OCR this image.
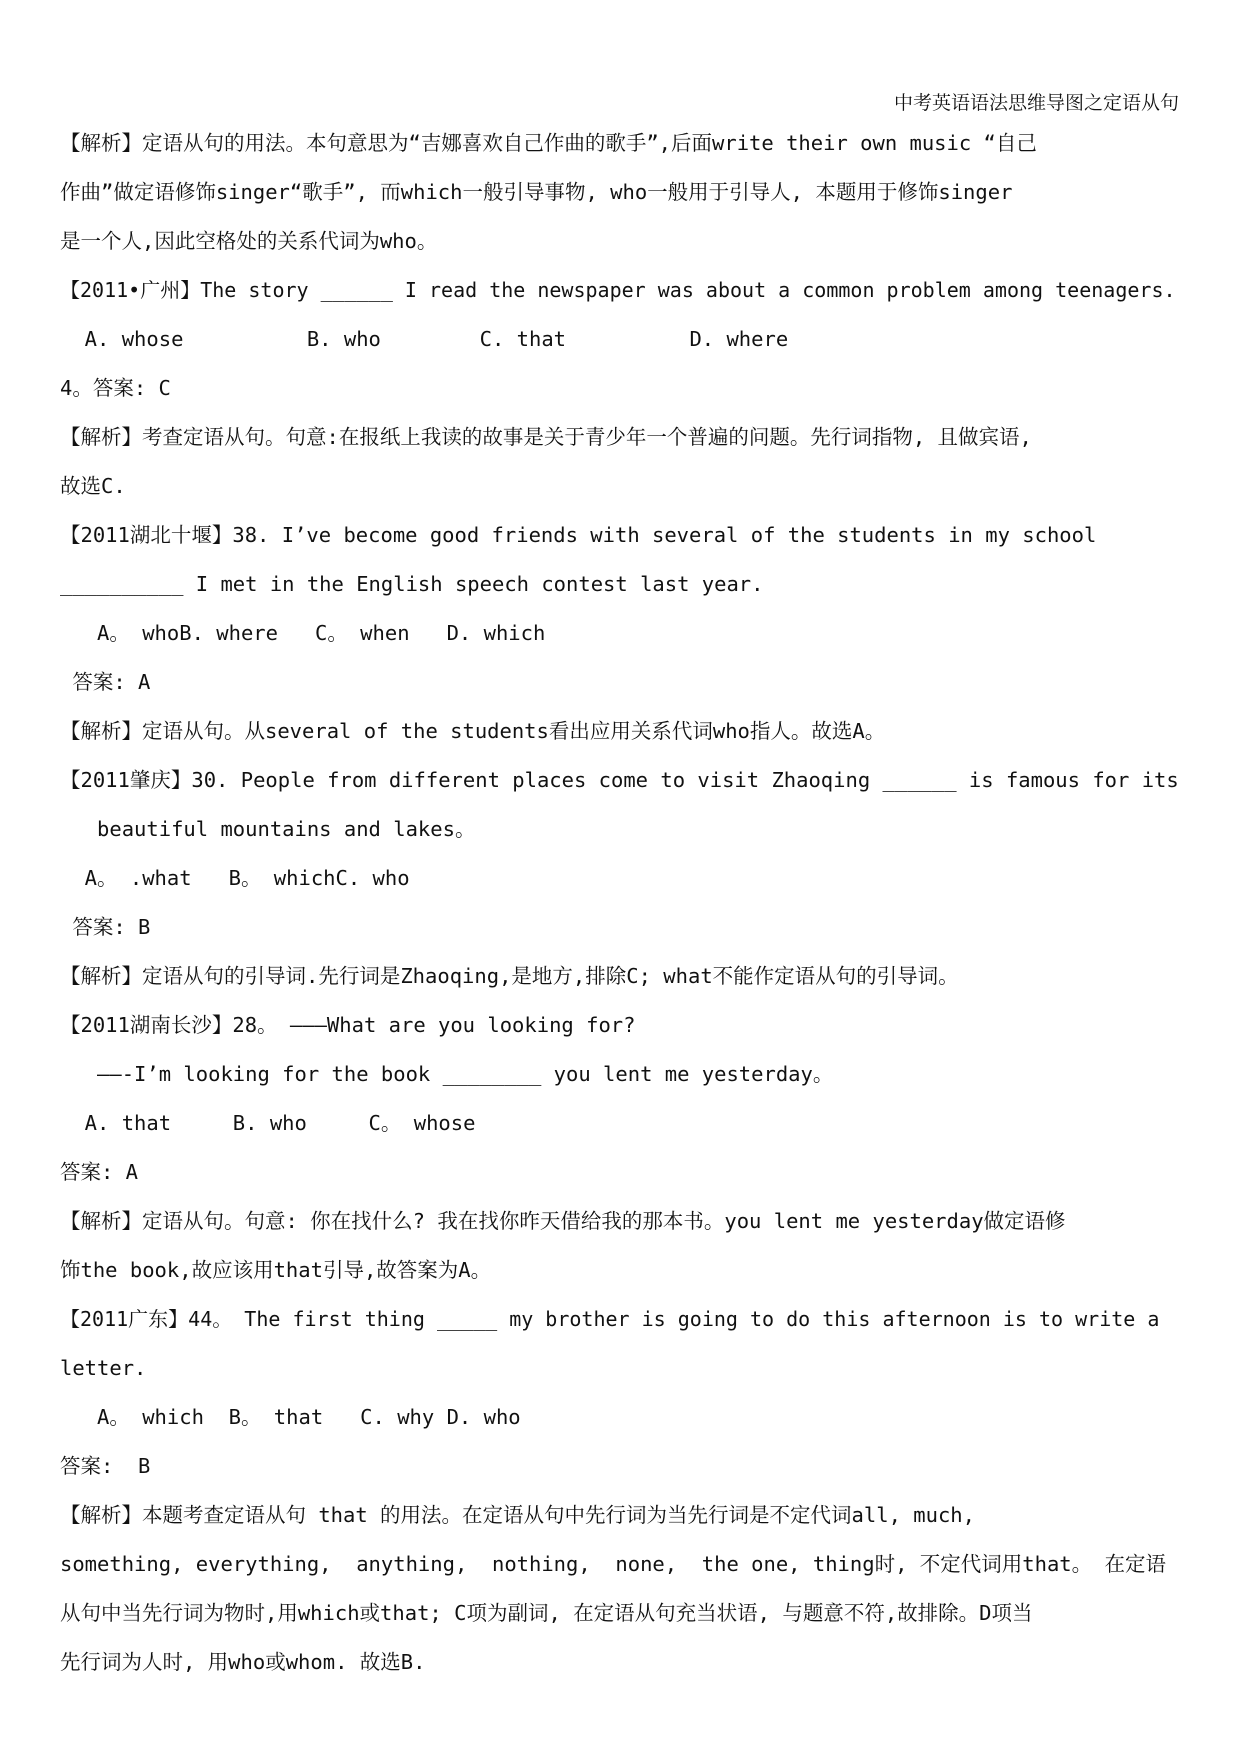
中考英语语法思维导图之定语从句
【解析】定语从句的用法。本句意思为“吉娜喜欢自己作曲的歌手”,后面write their own music “自己
作曲”做定语修饰singer“歌手”, 而which一般引导事物, who一般用于引导人, 本题用于修饰singer
是一个人,因此空格处的关系代词为who。
【2011•广州】The story ______ I read the newspaper was about a common problem among teenagers.
A. whose          B. who        C. that          D. where
4。答案: C
【解析】考查定语从句。句意:在报纸上我读的故事是关于青少年一个普遍的问题。先行词指物, 且做宾语,
故选C.
【2011湖北十堰】38. I’ve become good friends with several of the students in my school
__________ I met in the English speech contest last year.
A。 whoB. where   C。 when   D. which
答案: A
【解析】定语从句。从several of the students看出应用关系代词who指人。故选A。
【2011肇庆】30. People from different places come to visit Zhaoqing ______ is famous for its
beautiful mountains and lakes。
A。 .what   B。 whichC. who
答案: B
【解析】定语从句的引导词.先行词是Zhaoqing,是地方,排除C; what不能作定语从句的引导词。
【2011湖南长沙】28。 ———What are you looking for?
——-I’m looking for the book ________ you lent me yesterday。
A. that     B. who     C。 whose
答案: A
【解析】定语从句。句意: 你在找什么? 我在找你昨天借给我的那本书。you lent me yesterday做定语修
饰the book,故应该用that引导,故答案为A。
【2011广东】44。 The first thing _____ my brother is going to do this afternoon is to write a
letter.
A。 which  B。 that   C. why D. who
答案:  B
【解析】本题考查定语从句 that 的用法。在定语从句中先行词为当先行词是不定代词all, much,
something, everything,  anything,  nothing,  none,  the one, thing时, 不定代词用that。 在定语
从句中当先行词为物时,用which或that; C项为副词, 在定语从句充当状语, 与题意不符,故排除。D项当
先行词为人时, 用who或whom. 故选B.
